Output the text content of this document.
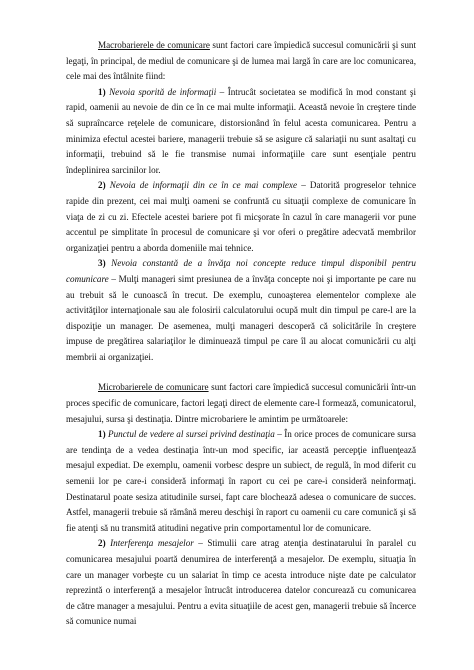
Macrobarierele de comunicare sunt factori care împiedică succesul comunicării şi sunt legaţi, în principal, de mediul de comunicare şi de lumea mai largă în care are loc comunicarea, cele mai des întâlnite fiind:

1) Nevoia sporită de informaţii – Întrucât societatea se modifică în mod constant şi rapid, oamenii au nevoie de din ce în ce mai multe informaţii. Această nevoie în creştere tinde să supraîncarce reţelele de comunicare, distorsionând în felul acesta comunicarea. Pentru a minimiza efectul acestei bariere, managerii trebuie să se asigure că salariaţii nu sunt asaltaţi cu informaţii, trebuind să le fie transmise numai informaţiile care sunt esenţiale pentru îndeplinirea sarcinilor lor.

2) Nevoia de informaţii din ce în ce mai complexe – Datorită progreselor tehnice rapide din prezent, cei mai mulţi oameni se confruntă cu situaţii complexe de comunicare în viaţa de zi cu zi. Efectele acestei bariere pot fi micşorate în cazul în care managerii vor pune accentul pe simplitate în procesul de comunicare şi vor oferi o pregătire adecvată membrilor organizaţiei pentru a aborda domeniile mai tehnice.

3) Nevoia constantă de a învăţa noi concepte reduce timpul disponibil pentru comunicare – Mulţi manageri simt presiunea de a învăţa concepte noi şi importante pe care nu au trebuit să le cunoască în trecut. De exemplu, cunoaşterea elementelor complexe ale activităţilor internaţionale sau ale folosirii calculatorului ocupă mult din timpul pe care-l are la dispoziţie un manager. De asemenea, mulţi manageri descoperă că solicitările în creştere impuse de pregătirea salariaţilor le diminuează timpul pe care îl au alocat comunicării cu alţi membrii ai organizaţiei.

Microbarierele de comunicare sunt factori care împiedică succesul comunicării într-un proces specific de comunicare, factori legaţi direct de elemente care-l formează, comunicatorul, mesajului, sursa şi destinaţia. Dintre microbariere le amintim pe următoarele:

1) Punctul de vedere al sursei privind destinaţia – În orice proces de comunicare sursa are tendinţa de a vedea destinaţia într-un mod specific, iar această percepţie influenţează mesajul expediat. De exemplu, oamenii vorbesc despre un subiect, de regulă, în mod diferit cu semenii lor pe care-i consideră informaţi în raport cu cei pe care-i consideră neinformaţi. Destinatarul poate sesiza atitudinile sursei, fapt care blochează adesea o comunicare de succes. Astfel, managerii trebuie să rămână mereu deschişi în raport cu oamenii cu care comunică şi să fie atenţi să nu transmită atitudini negative prin comportamentul lor de comunicare.

2) Interferenţa mesajelor – Stimulii care atrag atenţia destinatarului în paralel cu comunicarea mesajului poartă denumirea de interferenţă a mesajelor. De exemplu, situaţia în care un manager vorbeşte cu un salariat în timp ce acesta introduce nişte date pe calculator reprezintă o interferenţă a mesajelor întrucât introducerea datelor concurează cu comunicarea de către manager a mesajului. Pentru a evita situaţiile de acest gen, managerii trebuie să încerce să comunice numai
